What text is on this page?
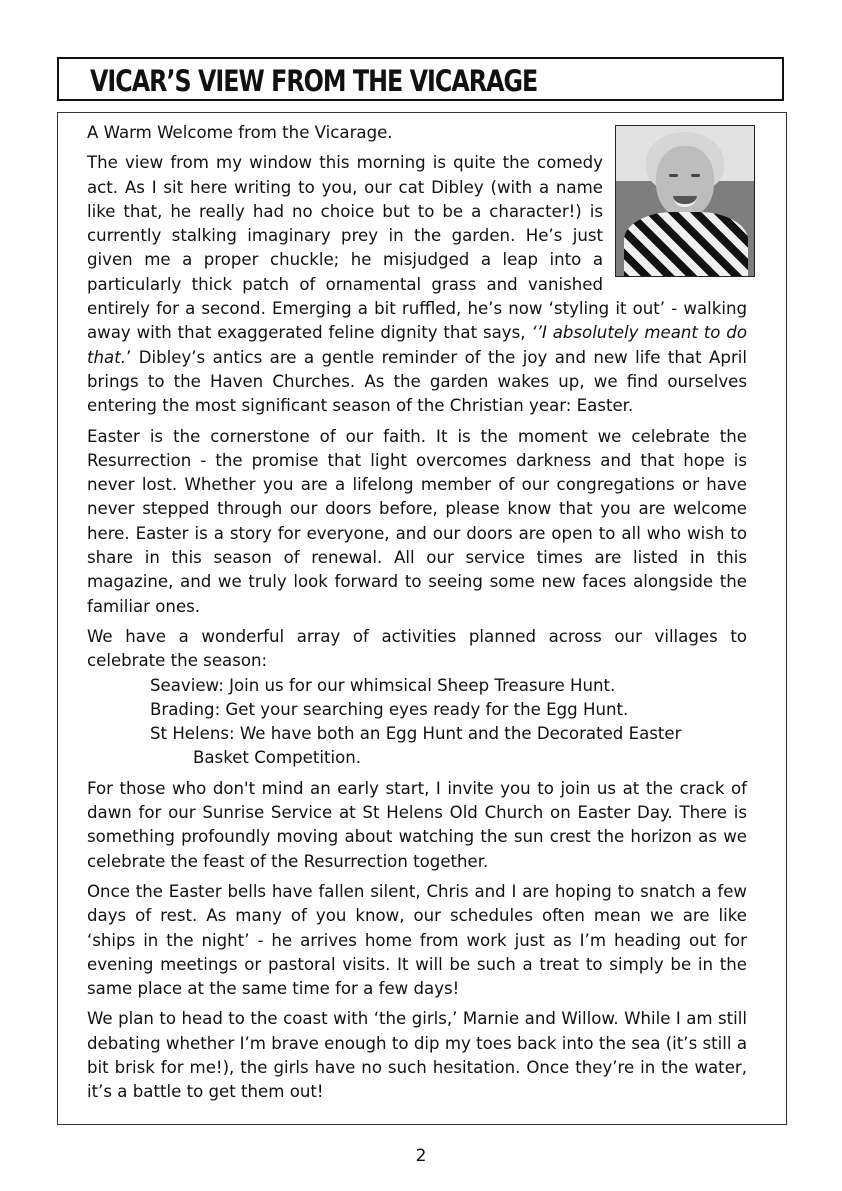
VICAR’S VIEW FROM THE VICARAGE

A Warm Welcome from the Vicarage.

The view from my window this morning is quite the comedy act. As I sit here writing to you, our cat Dibley (with a name like that, he really had no choice but to be a character!) is currently stalking imaginary prey in the garden. He’s just given me a proper chuckle; he misjudged a leap into a particularly thick patch of ornamental grass and vanished entirely for a second. Emerging a bit ruffled, he’s now ‘styling it out’ - walking away with that exaggerated feline dignity that says, ‘’I absolutely meant to do that.’ Dibley’s antics are a gentle reminder of the joy and new life that April brings to the Haven Churches. As the garden wakes up, we find ourselves entering the most significant season of the Christian year: Easter.

Easter is the cornerstone of our faith. It is the moment we celebrate the Resurrection - the promise that light overcomes darkness and that hope is never lost. Whether you are a lifelong member of our congregations or have never stepped through our doors before, please know that you are welcome here. Easter is a story for everyone, and our doors are open to all who wish to share in this season of renewal. All our service times are listed in this magazine, and we truly look forward to seeing some new faces alongside the familiar ones.

We have a wonderful array of activities planned across our villages to celebrate the season:

Seaview: Join us for our whimsical Sheep Treasure Hunt.

Brading: Get your searching eyes ready for the Egg Hunt.

St Helens: We have both an Egg Hunt and the Decorated Easter

Basket Competition.

For those who don't mind an early start, I invite you to join us at the crack of dawn for our Sunrise Service at St Helens Old Church on Easter Day. There is something profoundly moving about watching the sun crest the horizon as we celebrate the feast of the Resurrection together.

Once the Easter bells have fallen silent, Chris and I are hoping to snatch a few days of rest. As many of you know, our schedules often mean we are like ‘ships in the night’ - he arrives home from work just as I’m heading out for evening meetings or pastoral visits. It will be such a treat to simply be in the same place at the same time for a few days!

We plan to head to the coast with ‘the girls,’ Marnie and Willow. While I am still debating whether I’m brave enough to dip my toes back into the sea (it’s still a bit brisk for me!), the girls have no such hesitation. Once they’re in the water, it’s a battle to get them out!

2
